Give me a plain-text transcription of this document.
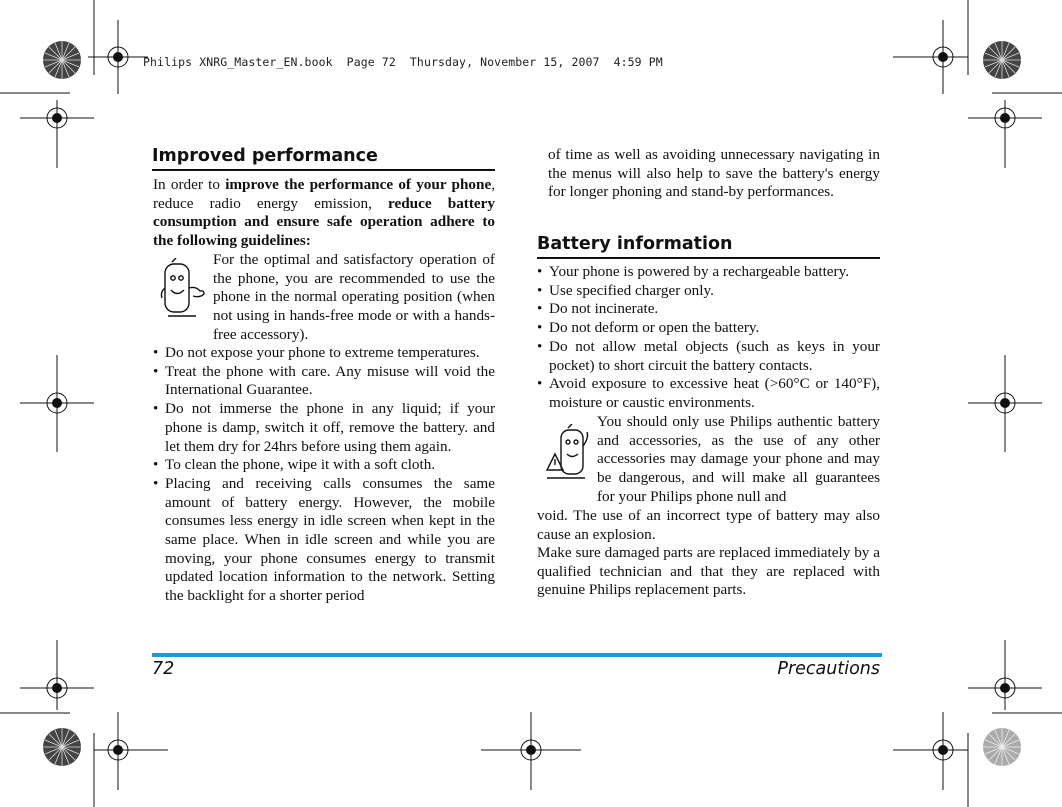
Philips XNRG_Master_EN.book  Page 72  Thursday, November 15, 2007  4:59 PM
Improved performance

In order to improve the performance of your phone, reduce radio energy emission, reduce battery consumption and ensure safe operation adhere to the following guidelines:

For the optimal and satisfactory operation of the phone, you are recommended to use the phone in the normal operating position (when not using in hands-free mode or with a hands-free accessory).

• Do not expose your phone to extreme temperatures.
• Treat the phone with care. Any misuse will void the International Guarantee.
• Do not immerse the phone in any liquid; if your phone is damp, switch it off, remove the battery. and let them dry for 24hrs before using them again.
• To clean the phone, wipe it with a soft cloth.
• Placing and receiving calls consumes the same amount of battery energy. However, the mobile consumes less energy in idle screen when kept in the same place. When in idle screen and while you are moving, your phone consumes energy to transmit updated location information to the network. Setting the backlight for a shorter period

of time as well as avoiding unnecessary navigating in the menus will also help to save the battery's energy for longer phoning and stand-by performances.

Battery information
• Your phone is powered by a rechargeable battery.
• Use specified charger only.
• Do not incinerate.
• Do not deform or open the battery.
• Do not allow metal objects (such as keys in your pocket) to short circuit the battery contacts.
• Avoid exposure to excessive heat (>60°C or 140°F), moisture or caustic environments.

You should only use Philips authentic battery and accessories, as the use of any other accessories may damage your phone and may be dangerous, and will make all guarantees for your Philips phone null and

void. The use of an incorrect type of battery may also cause an explosion.

Make sure damaged parts are replaced immediately by a qualified technician and that they are replaced with genuine Philips replacement parts.

72	Precautions
